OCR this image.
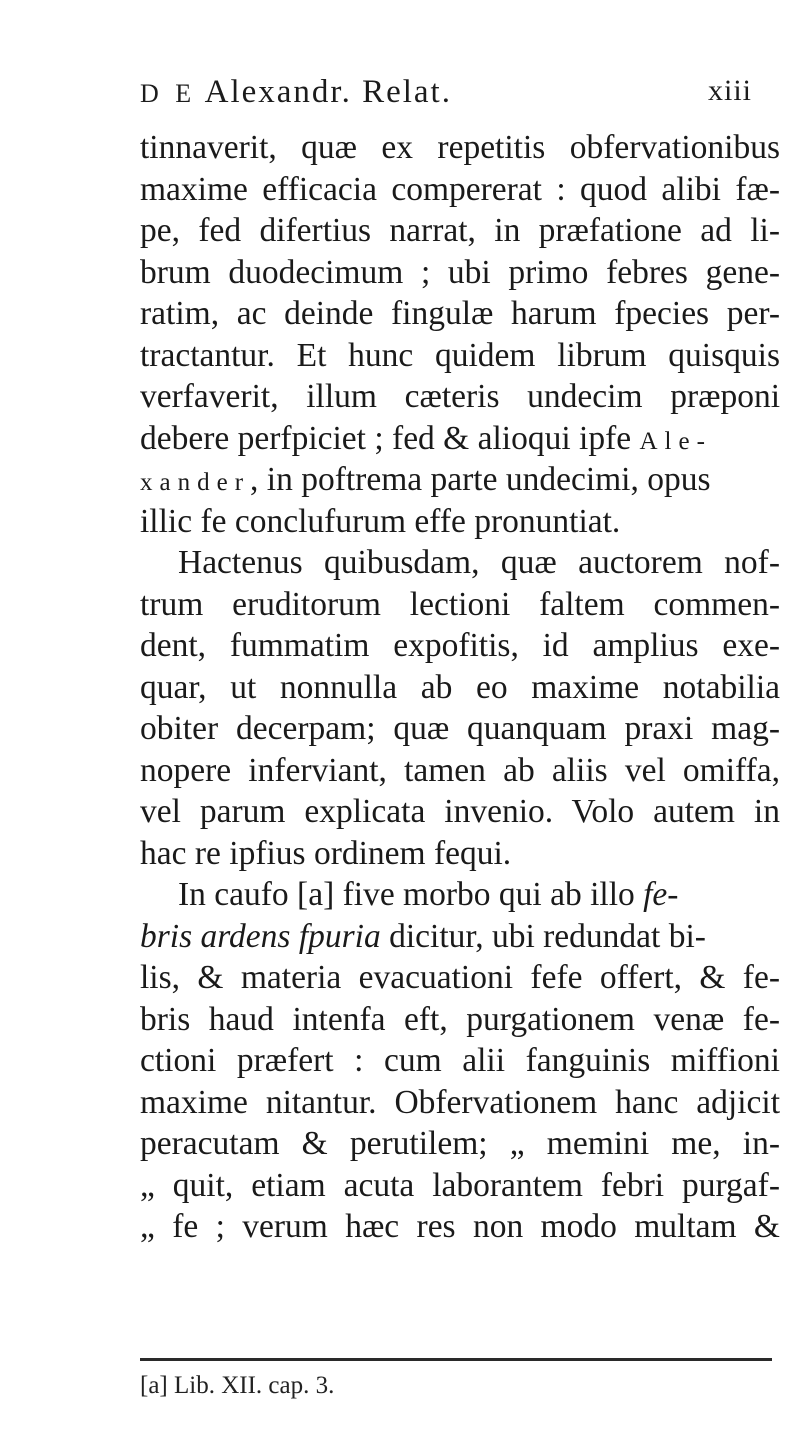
D E Alexandr. Relat.	xiii
tinnaverit, quæ ex repetitis obfervationibus
maxime efficacia compererat : quod alibi fæ-
pe, fed difertius narrat, in præfatione ad li-
brum duodecimum ; ubi primo febres gene-
ratim, ac deinde fingulæ harum fpecies per-
tractantur. Et hunc quidem librum quisquis
verfaverit, illum cæteris undecim præponi
debere perfpiciet ; fed & alioqui ipfe Ale-
xander, in poftrema parte undecimi, opus
illic fe conclufurum effe pronuntiat.
Hactenus quibusdam, quæ auctorem nof-
trum eruditorum lectioni faltem commen-
dent, fummatim expofitis, id amplius exe-
quar, ut nonnulla ab eo maxime notabilia
obiter decerpam; quæ quanquam praxi mag-
nopere inferviant, tamen ab aliis vel omiffa,
vel parum explicata invenio. Volo autem in
hac re ipfius ordinem fequi.
In caufo [a] five morbo qui ab illo fe-
bris ardens fpuria dicitur, ubi redundat bi-
lis, & materia evacuationi fefe offert, & fe-
bris haud intenfa eft, purgationem venæ fe-
ctioni præfert : cum alii fanguinis miffioni
maxime nitantur. Obfervationem hanc adjicit
peracutam & perutilem; „ memini me, in-
„ quit, etiam acuta laborantem febri purgaf-
„ fe ; verum hæc res non modo multam &
[a] Lib. XII. cap. 3.
